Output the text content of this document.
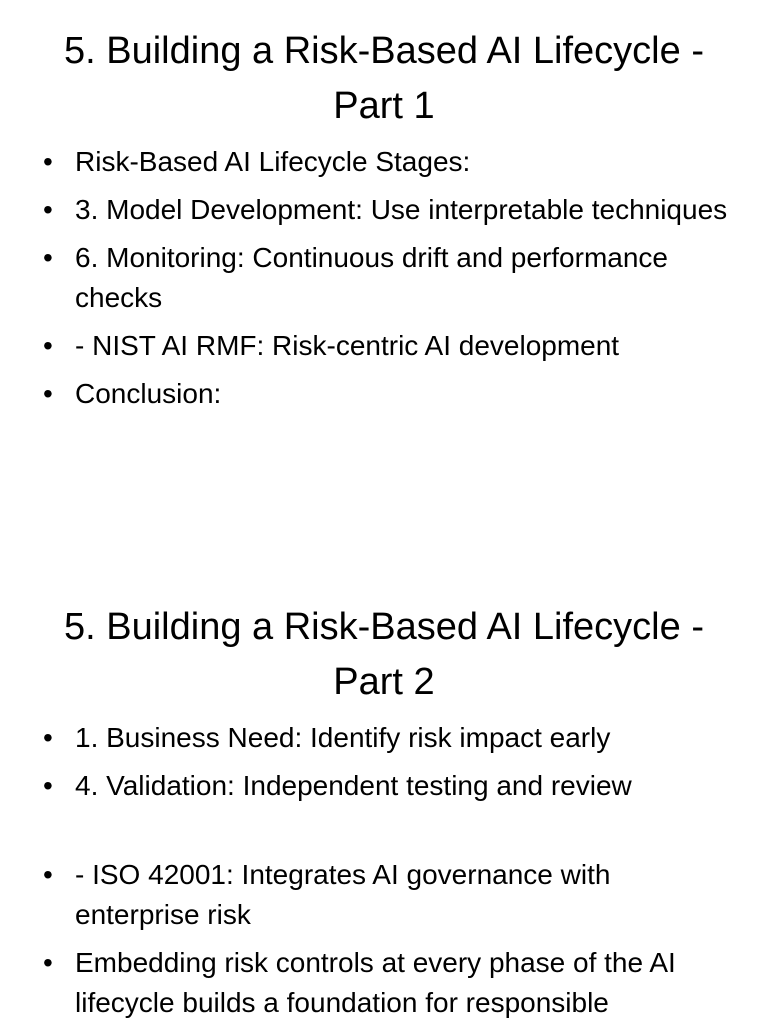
5. Building a Risk-Based AI Lifecycle - Part 1
• Risk-Based AI Lifecycle Stages:
• 3. Model Development: Use interpretable techniques
• 6. Monitoring: Continuous drift and performance checks
• - NIST AI RMF: Risk-centric AI development
• Conclusion:
5. Building a Risk-Based AI Lifecycle - Part 2
• 1. Business Need: Identify risk impact early
• 4. Validation: Independent testing and review
• - ISO 42001: Integrates AI governance with enterprise risk
• Embedding risk controls at every phase of the AI lifecycle builds a foundation for responsible
